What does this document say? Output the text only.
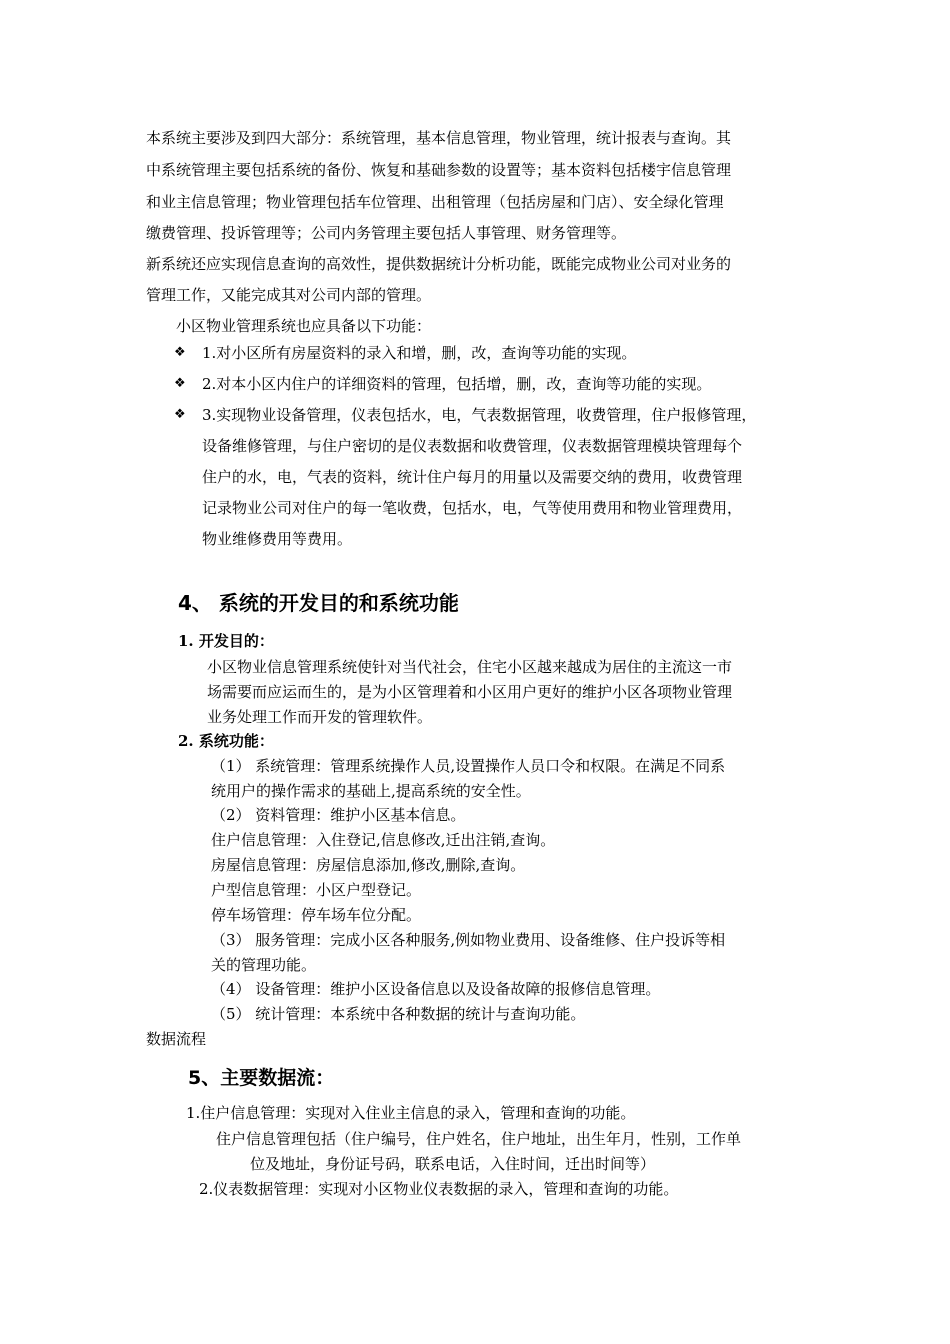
本系统主要涉及到四大部分：系统管理，基本信息管理，物业管理，统计报表与查询。其
中系统管理主要包括系统的备份、恢复和基础参数的设置等；基本资料包括楼宇信息管理
和业主信息管理；物业管理包括车位管理、出租管理（包括房屋和门店）、安全绿化管理
缴费管理、投诉管理等；公司内务管理主要包括人事管理、财务管理等。
新系统还应实现信息查询的高效性，提供数据统计分析功能，既能完成物业公司对业务的
管理工作，又能完成其对公司内部的管理。
小区物业管理系统也应具备以下功能：
❖ 1.对小区所有房屋资料的录入和增，删，改，查询等功能的实现。
❖ 2.对本小区内住户的详细资料的管理，包括增，删，改，查询等功能的实现。
❖ 3.实现物业设备管理，仪表包括水，电，气表数据管理，收费管理，住户报修管理，
设备维修管理，与住户密切的是仪表数据和收费管理，仪表数据管理模块管理每个
住户的水，电，气表的资料，统计住户每月的用量以及需要交纳的费用，收费管理
记录物业公司对住户的每一笔收费，包括水，电，气等使用费用和物业管理费用，
物业维修费用等费用。
4、 系统的开发目的和系统功能
1. 开发目的：
小区物业信息管理系统使针对当代社会，住宅小区越来越成为居住的主流这一市
场需要而应运而生的，是为小区管理着和小区用户更好的维护小区各项物业管理
业务处理工作而开发的管理软件。
2. 系统功能：
（1） 系统管理：管理系统操作人员,设置操作人员口令和权限。在满足不同系
统用户的操作需求的基础上,提高系统的安全性。
（2） 资料管理：维护小区基本信息。
住户信息管理：入住登记,信息修改,迁出注销,查询。
房屋信息管理：房屋信息添加,修改,删除,查询。
户型信息管理：小区户型登记。
停车场管理：停车场车位分配。
（3） 服务管理：完成小区各种服务,例如物业费用、设备维修、住户投诉等相
关的管理功能。
（4） 设备管理：维护小区设备信息以及设备故障的报修信息管理。
（5） 统计管理：本系统中各种数据的统计与查询功能。
数据流程
5、主要数据流：
1.住户信息管理：实现对入住业主信息的录入，管理和查询的功能。
住户信息管理包括（住户编号，住户姓名，住户地址，出生年月，性别，工作单
位及地址，身份证号码，联系电话，入住时间，迁出时间等）
2.仪表数据管理：实现对小区物业仪表数据的录入，管理和查询的功能。
